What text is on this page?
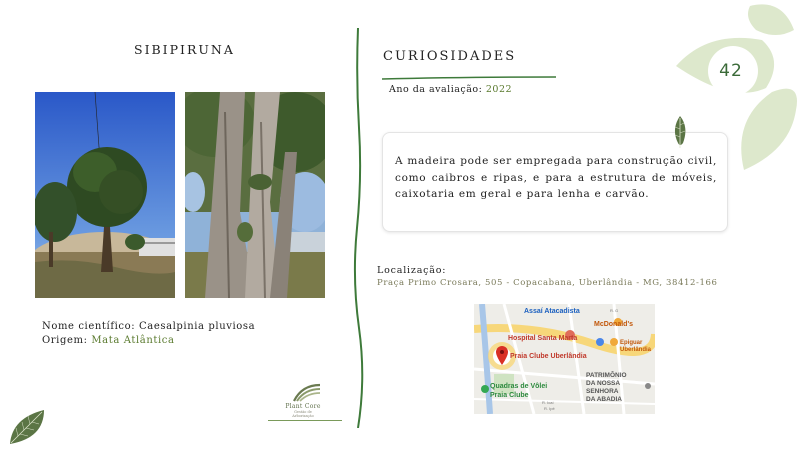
SIBIPIRUNA
Nome científico: Caesalpinia pluviosa
Origem: Mata Atlântica
Plant Core
Gestão de Arborização
CURIOSIDADES
Ano da avaliação: 2022
A madeira pode ser empregada para construção civil, como caibros e ripas, e para a estrutura de móveis, caixotaria em geral e para lenha e carvão.
Localização:
Praça Primo Crosara, 505 - Copacabana, Uberlândia - MG, 38412-166
Assaí Atacadista
McDonald's
Hospital Santa Marta
Epiguar
Uberlândia
Praia Clube Uberlândia
PATRIMÔNIO
DA NOSSA
SENHORA
DA ABADIA
Quadras de Vôlei
Praia Clube
R. Ipê
R. Icaí
R. G
42
